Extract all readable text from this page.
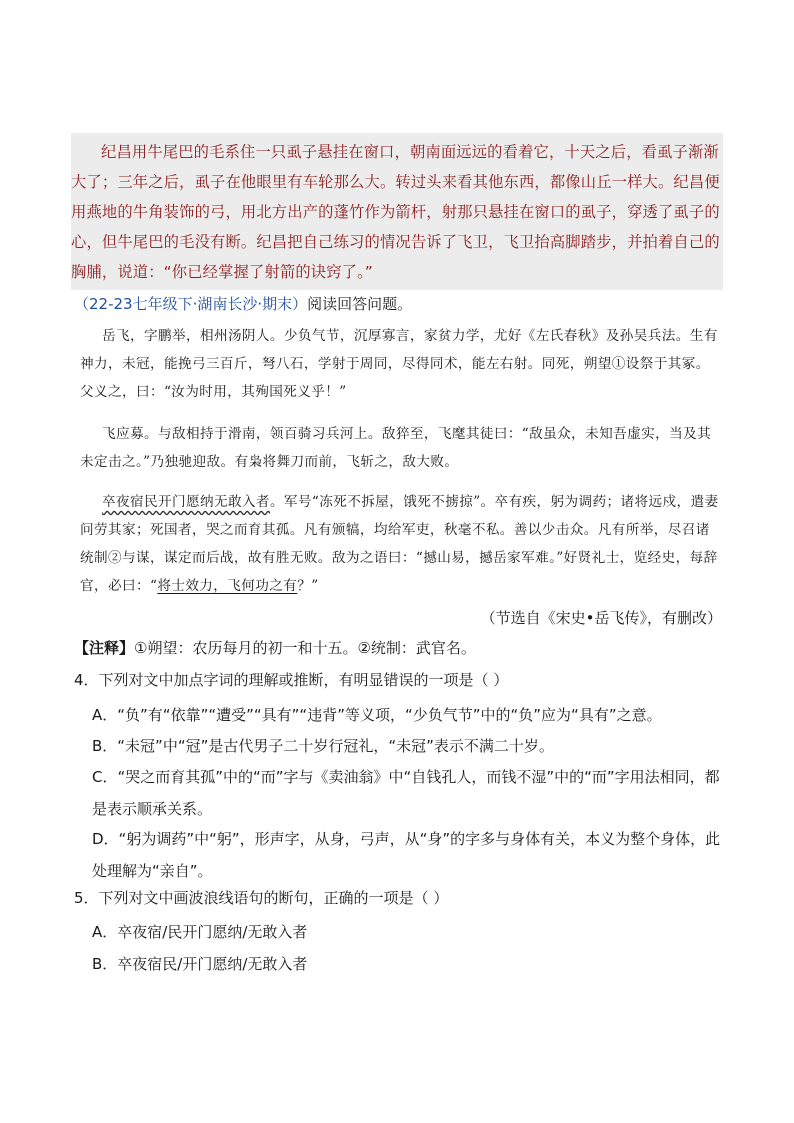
纪昌用牛尾巴的毛系住一只虱子悬挂在窗口，朝南面远远的看着它，十天之后，看虱子渐渐大了；三年之后，虱子在他眼里有车轮那么大。转过头来看其他东西，都像山丘一样大。纪昌便用燕地的牛角装饰的弓，用北方出产的蓬竹作为箭杆，射那只悬挂在窗口的虱子，穿透了虱子的心，但牛尾巴的毛没有断。纪昌把自己练习的情况告诉了飞卫，飞卫抬高脚踏步，并拍着自己的胸脯，说道：“你已经掌握了射箭的诀窍了。”

（22-23七年级下·湖南长沙·期末）阅读回答问题。

岳飞，字鹏举，相州汤阴人。少负气节，沉厚寡言，家贫力学，尤好《左氏春秋》及孙吴兵法。生有神力，未冠，能挽弓三百斤，弩八石，学射于周同，尽得同术，能左右射。同死，朔望①设祭于其冢。父义之，曰：“汝为时用，其殉国死义乎！”

飞应募。与敌相持于滑南，领百骑习兵河上。敌猝至，飞麾其徒曰：“敌虽众，未知吾虚实，当及其未定击之。”乃独驰迎敌。有枭将舞刀而前，飞斩之，敌大败。

卒夜宿民开门愿纳无敢入者。军号“冻死不拆屋，饿死不掳掠”。卒有疾，躬为调药；诸将远戍，遣妻问劳其家；死国者，哭之而育其孤。凡有颁犒，均给军吏，秋毫不私。善以少击众。凡有所举，尽召诸统制②与谋，谋定而后战，故有胜无败。敌为之语曰：“撼山易，撼岳家军难。”好贤礼士，览经史，每辞官，必曰：“将士效力，飞何功之有？”

（节选自《宋史•岳飞传》，有删改）

【注释】①朔望：农历每月的初一和十五。②统制：武官名。

4．下列对文中加点字词的理解或推断，有明显错误的一项是（ ）

A．“负”有“依靠”“遭受”“具有”“违背”等义项，“少负气节”中的“负”应为“具有”之意。

B．“未冠”中“冠”是古代男子二十岁行冠礼，“未冠”表示不满二十岁。

C．“哭之而育其孤”中的“而”字与《卖油翁》中“自钱孔人，而钱不湿”中的“而”字用法相同，都是表示顺承关系。

D．“躬为调药”中“躬”，形声字，从身，弓声，从“身”的字多与身体有关，本义为整个身体，此处理解为“亲自”。

5．下列对文中画波浪线语句的断句，正确的一项是（ ）

A．卒夜宿/民开门愿纳/无敢入者

B．卒夜宿民/开门愿纳/无敢入者
